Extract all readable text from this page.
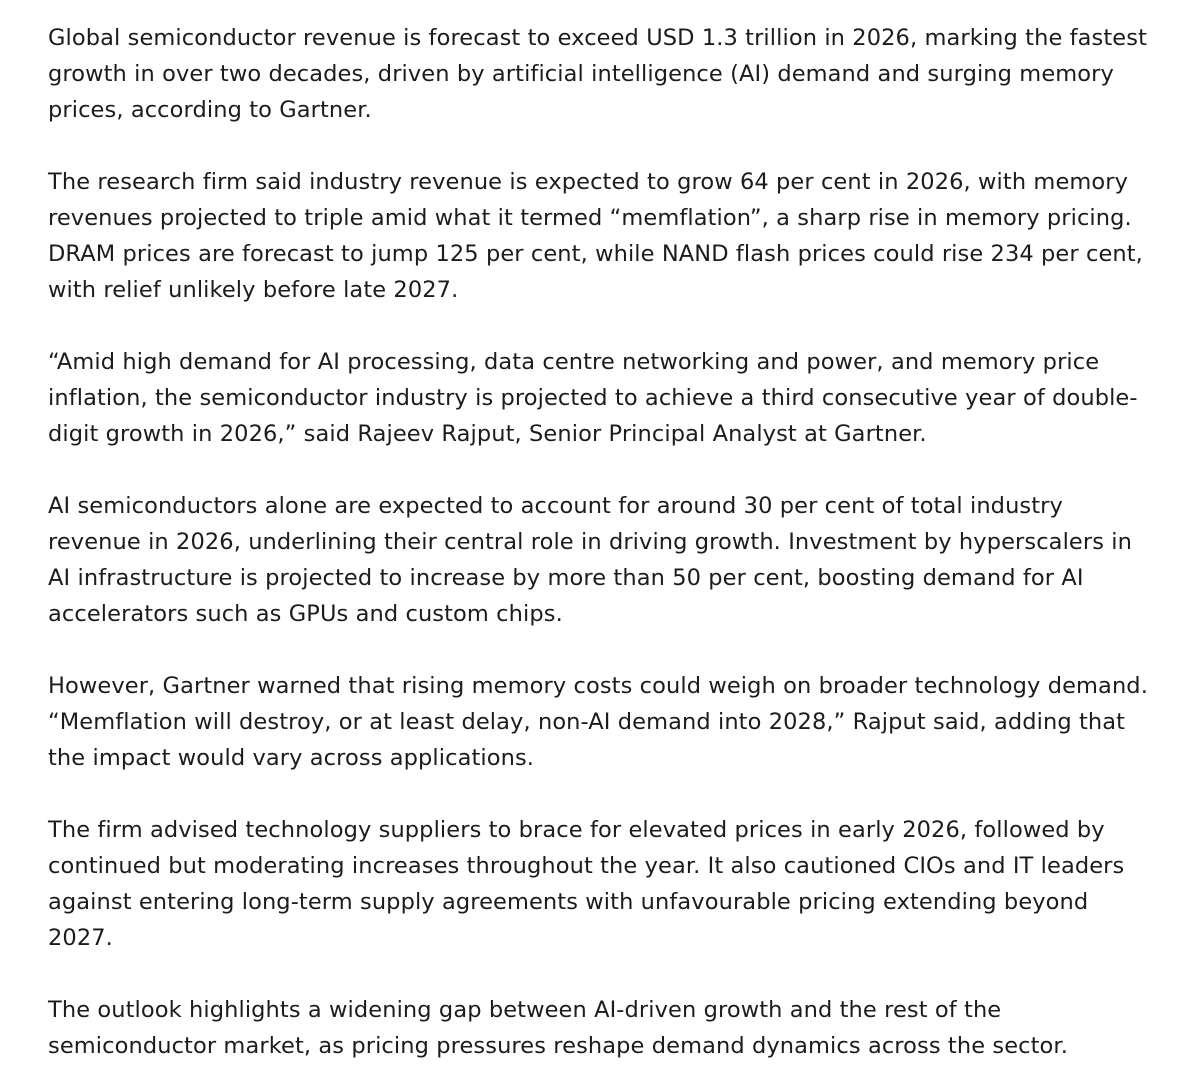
Global semiconductor revenue is forecast to exceed USD 1.3 trillion in 2026, marking the fastest growth in over two decades, driven by artificial intelligence (AI) demand and surging memory prices, according to Gartner.

The research firm said industry revenue is expected to grow 64 per cent in 2026, with memory revenues projected to triple amid what it termed “memflation”, a sharp rise in memory pricing. DRAM prices are forecast to jump 125 per cent, while NAND flash prices could rise 234 per cent, with relief unlikely before late 2027.

“Amid high demand for AI processing, data centre networking and power, and memory price inflation, the semiconductor industry is projected to achieve a third consecutive year of double-digit growth in 2026,” said Rajeev Rajput, Senior Principal Analyst at Gartner.

AI semiconductors alone are expected to account for around 30 per cent of total industry revenue in 2026, underlining their central role in driving growth. Investment by hyperscalers in AI infrastructure is projected to increase by more than 50 per cent, boosting demand for AI accelerators such as GPUs and custom chips.

However, Gartner warned that rising memory costs could weigh on broader technology demand. “Memflation will destroy, or at least delay, non-AI demand into 2028,” Rajput said, adding that the impact would vary across applications.

The firm advised technology suppliers to brace for elevated prices in early 2026, followed by continued but moderating increases throughout the year. It also cautioned CIOs and IT leaders against entering long-term supply agreements with unfavourable pricing extending beyond 2027.

The outlook highlights a widening gap between AI-driven growth and the rest of the semiconductor market, as pricing pressures reshape demand dynamics across the sector.
